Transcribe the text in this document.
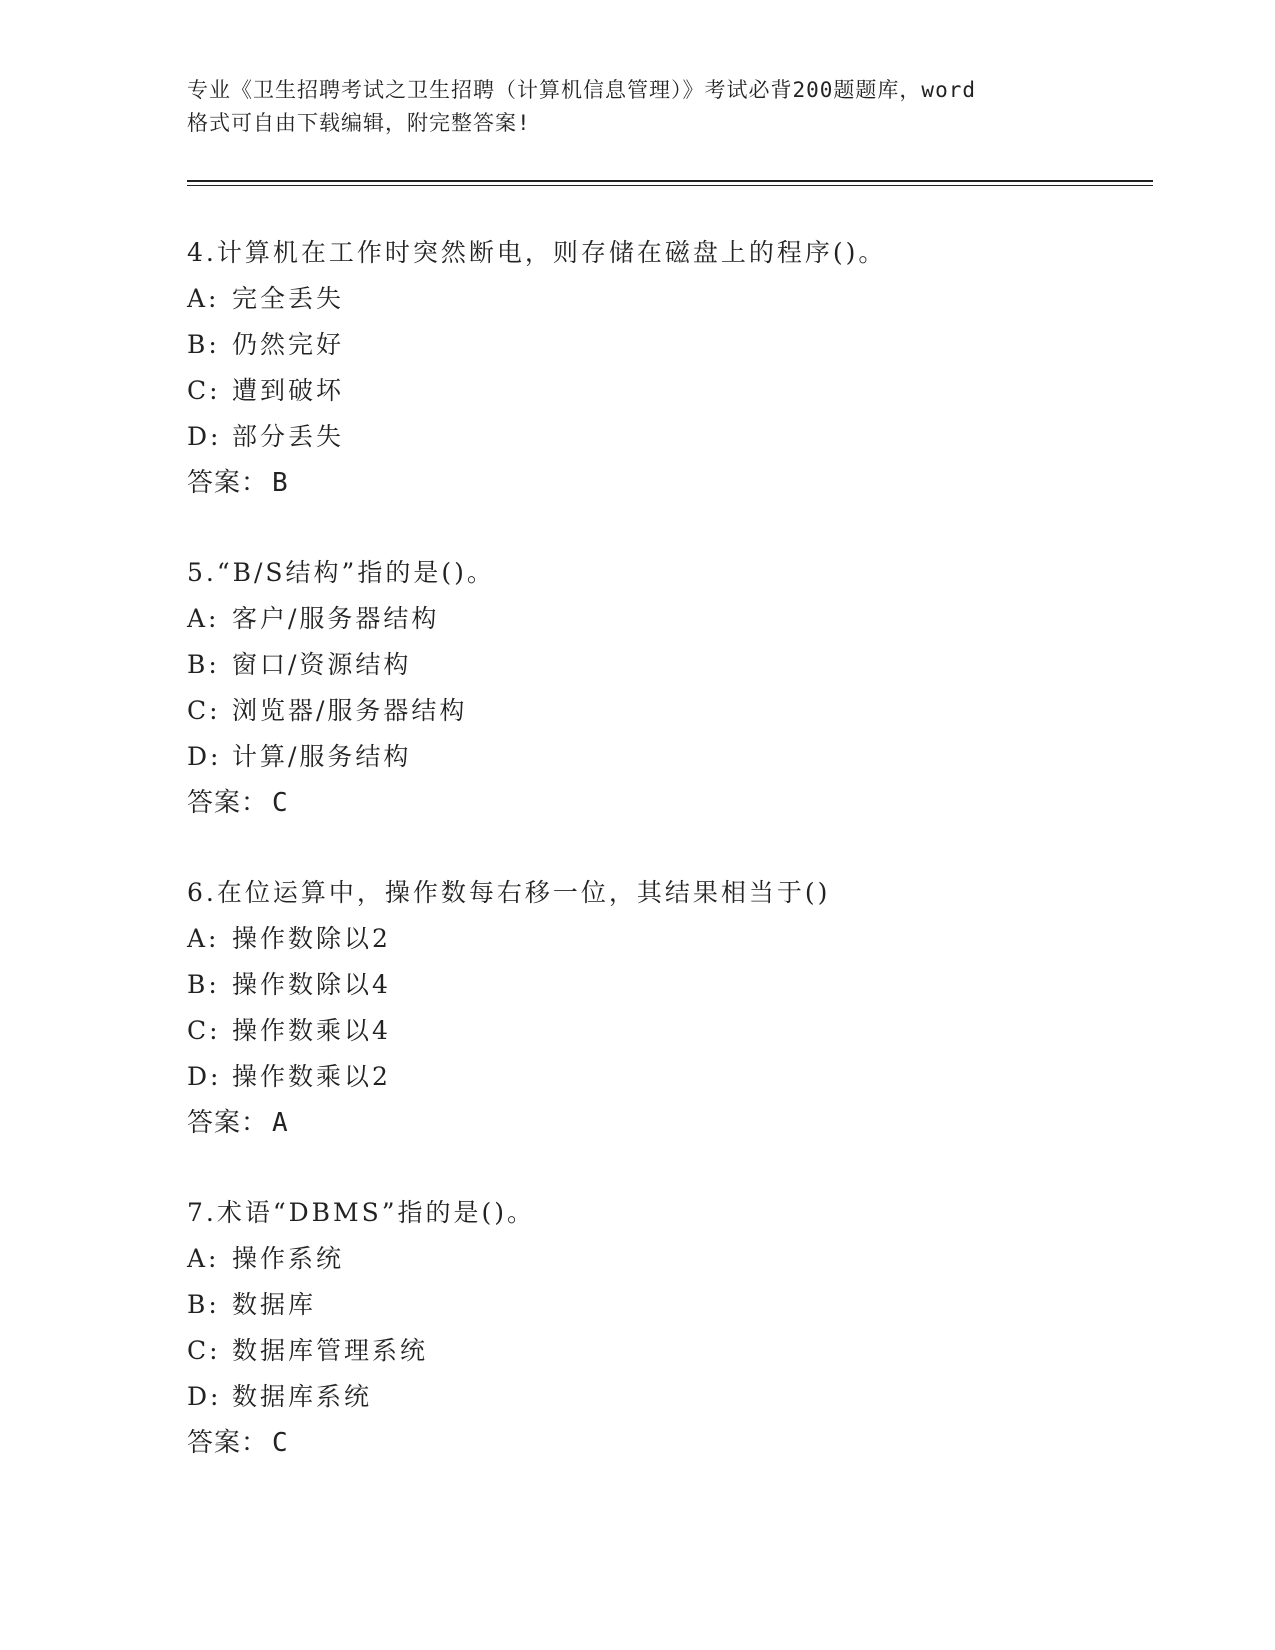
专业《卫生招聘考试之卫生招聘（计算机信息管理）》考试必背200题题库，word
格式可自由下载编辑，附完整答案!
4.计算机在工作时突然断电，则存储在磁盘上的程序()。
A: 完全丢失
B: 仍然完好
C: 遭到破坏
D: 部分丢失
答案： B
5.“B/S结构”指的是()。
A: 客户/服务器结构
B: 窗口/资源结构
C: 浏览器/服务器结构
D: 计算/服务结构
答案： C
6.在位运算中，操作数每右移一位，其结果相当于()
A: 操作数除以2
B: 操作数除以4
C: 操作数乘以4
D: 操作数乘以2
答案： A
7.术语“DBMS”指的是()。
A: 操作系统
B: 数据库
C: 数据库管理系统
D: 数据库系统
答案： C
